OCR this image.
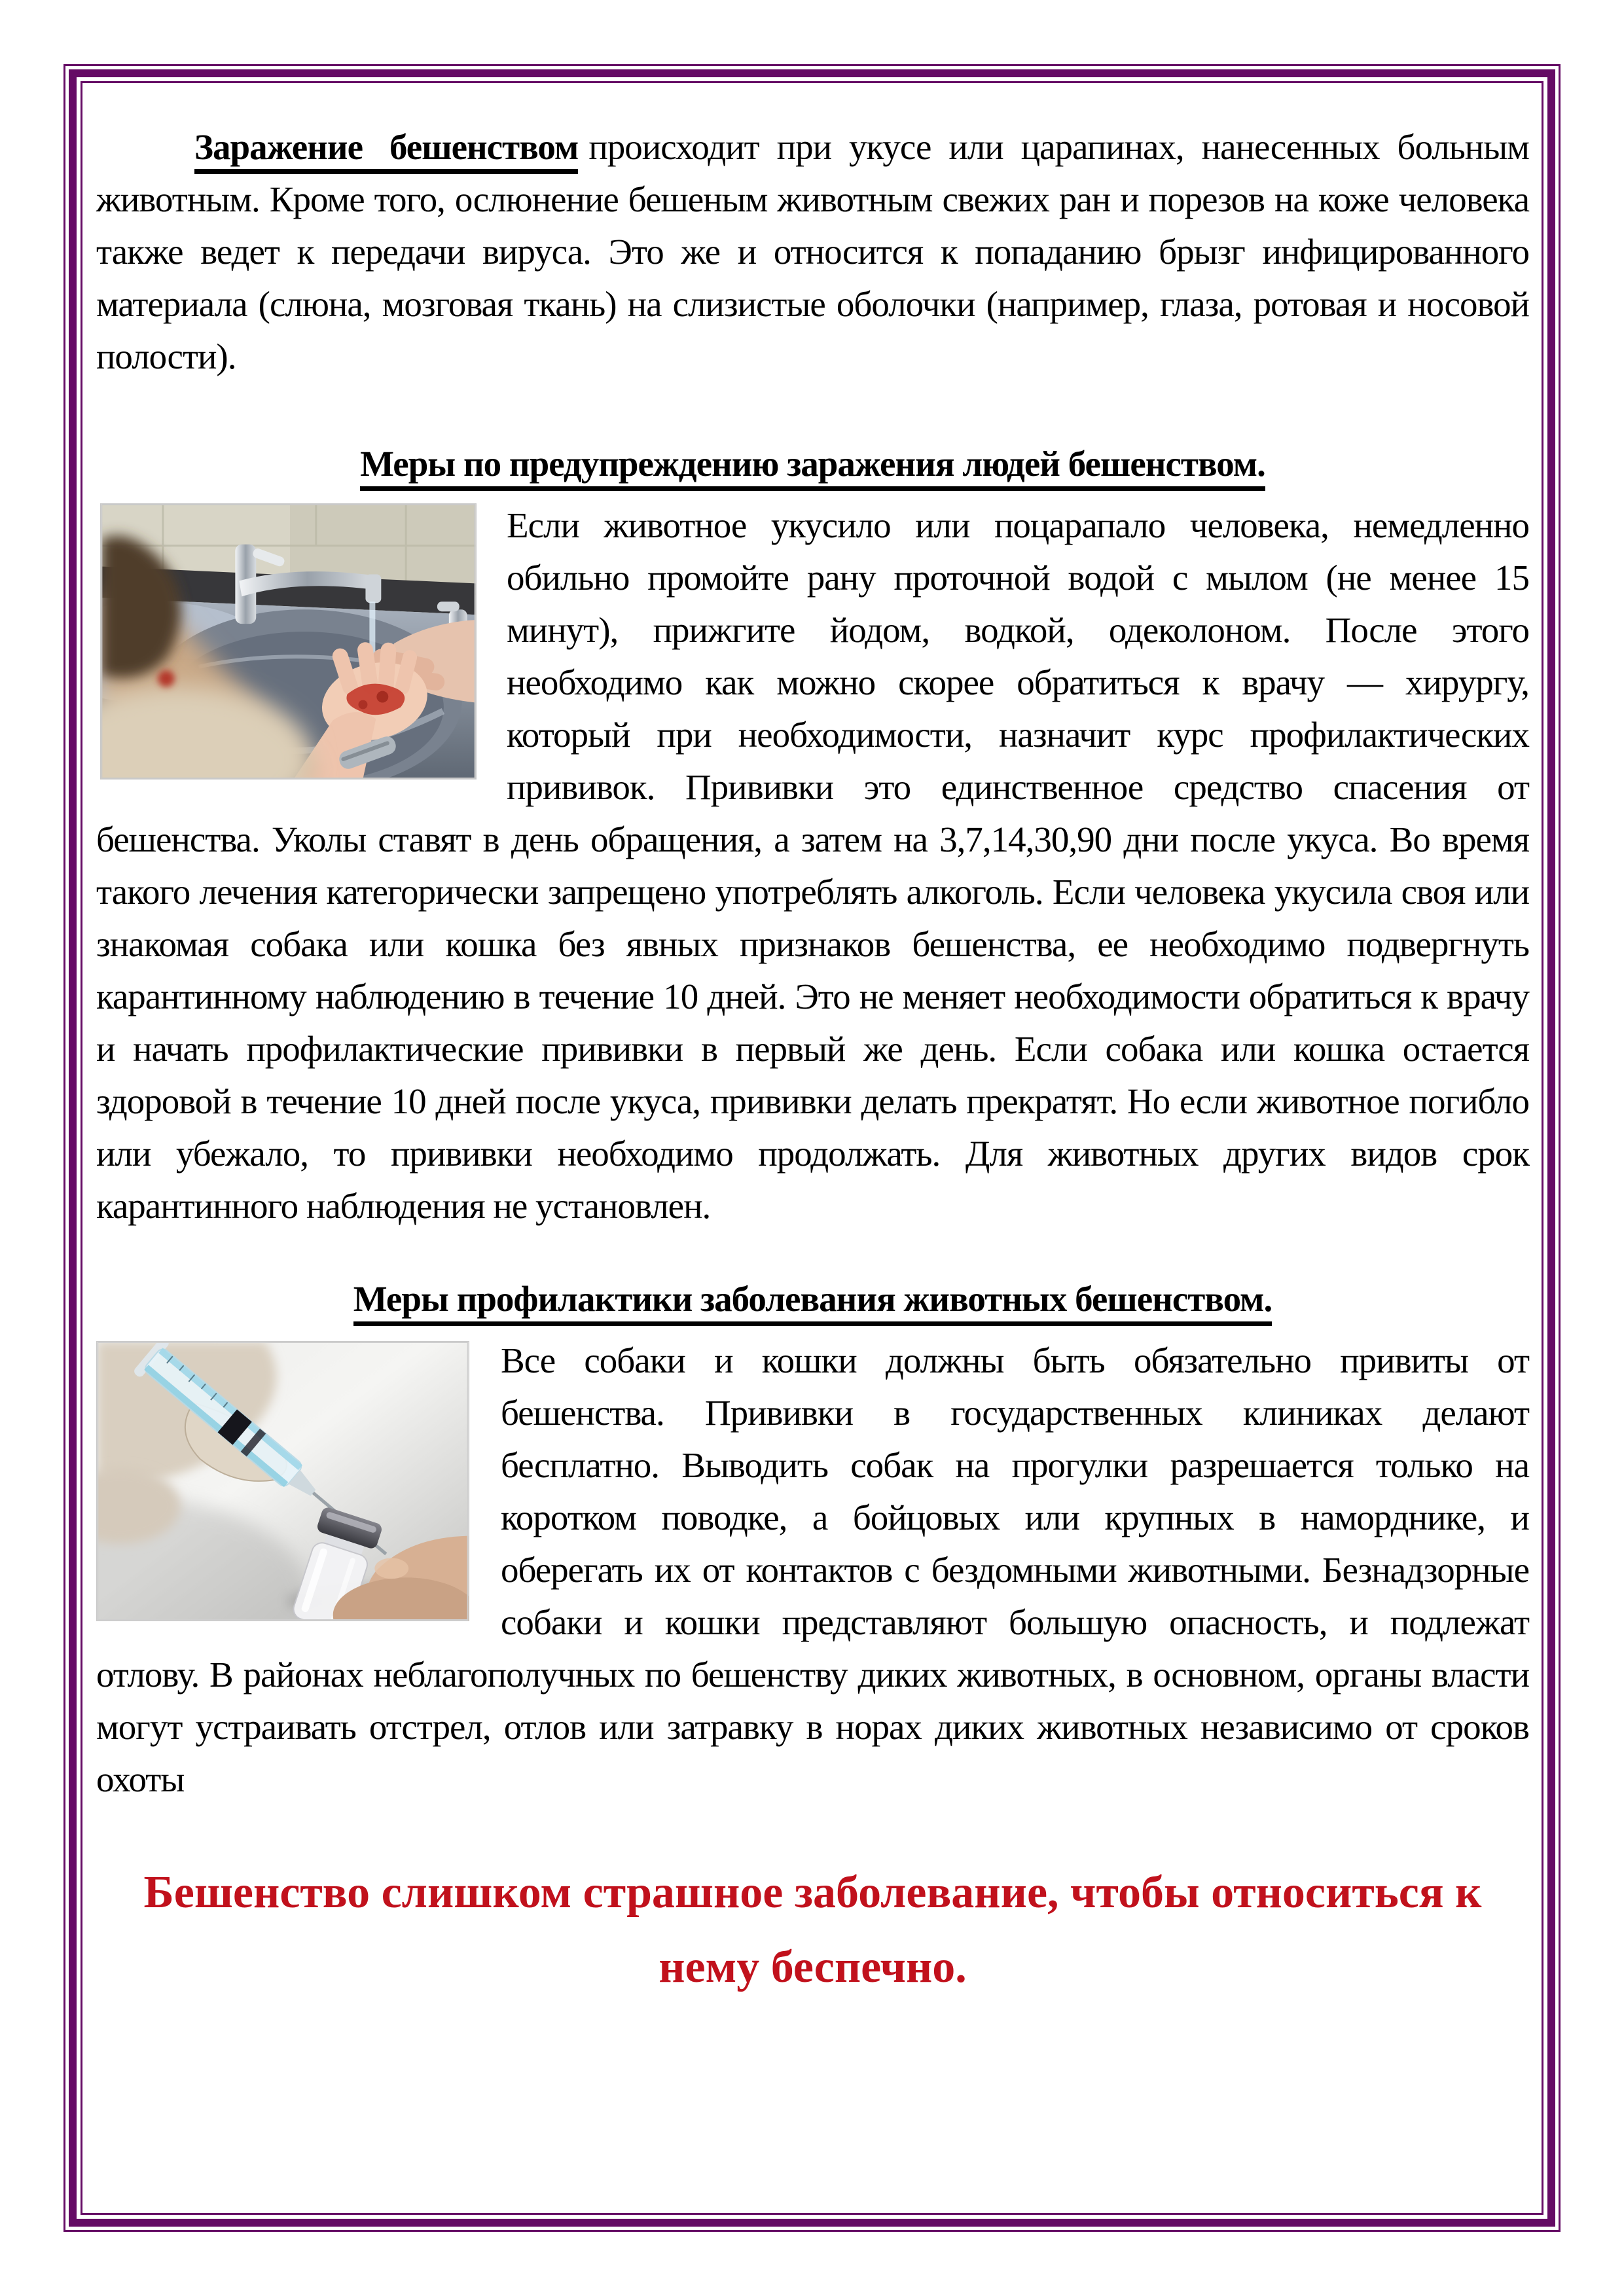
Заражение бешенством происходит при укусе или царапинах, нанесенных больным животным. Кроме того, ослюнение бешеным животным свежих ран и порезов на коже человека также ведет к передачи вируса. Это же и относится к попаданию брызг инфицированного материала (слюна, мозговая ткань) на слизистые оболочки (например, глаза, ротовая и носовой полости).

Меры по предупреждению заражения людей бешенством.

Если животное укусило или поцарапало человека, немедленно обильно промойте рану проточной водой с мылом (не менее 15 минут), прижгите йодом, водкой, одеколоном. После этого необходимо как можно скорее обратиться к врачу — хирургу, который при необходимости, назначит курс профилактических прививок. Прививки это единственное средство спасения от бешенства. Уколы ставят в день обращения, а затем на 3,7,14,30,90 дни после укуса. Во время такого лечения категорически запрещено употреблять алкоголь. Если человека укусила своя или знакомая собака или кошка без явных признаков бешенства, ее необходимо подвергнуть карантинному наблюдению в течение 10 дней. Это не меняет необходимости обратиться к врачу и начать профилактические прививки в первый же день. Если собака или кошка остается здоровой в течение 10 дней после укуса, прививки делать прекратят. Но если животное погибло или убежало, то прививки необходимо продолжать. Для животных других видов срок карантинного наблюдения не установлен.

Меры профилактики заболевания животных бешенством.

Все собаки и кошки должны быть обязательно привиты от бешенства. Прививки в государственных клиниках делают бесплатно. Выводить собак на прогулки разрешается только на коротком поводке, а бойцовых или крупных в наморднике, и оберегать их от контактов с бездомными животными. Безнадзорные собаки и кошки представляют большую опасность, и подлежат отлову. В районах неблагополучных по бешенству диких животных, в основном, органы власти могут устраивать отстрел, отлов или затравку в норах диких животных независимо от сроков охоты

Бешенство слишком страшное заболевание, чтобы относиться к нему беспечно.
